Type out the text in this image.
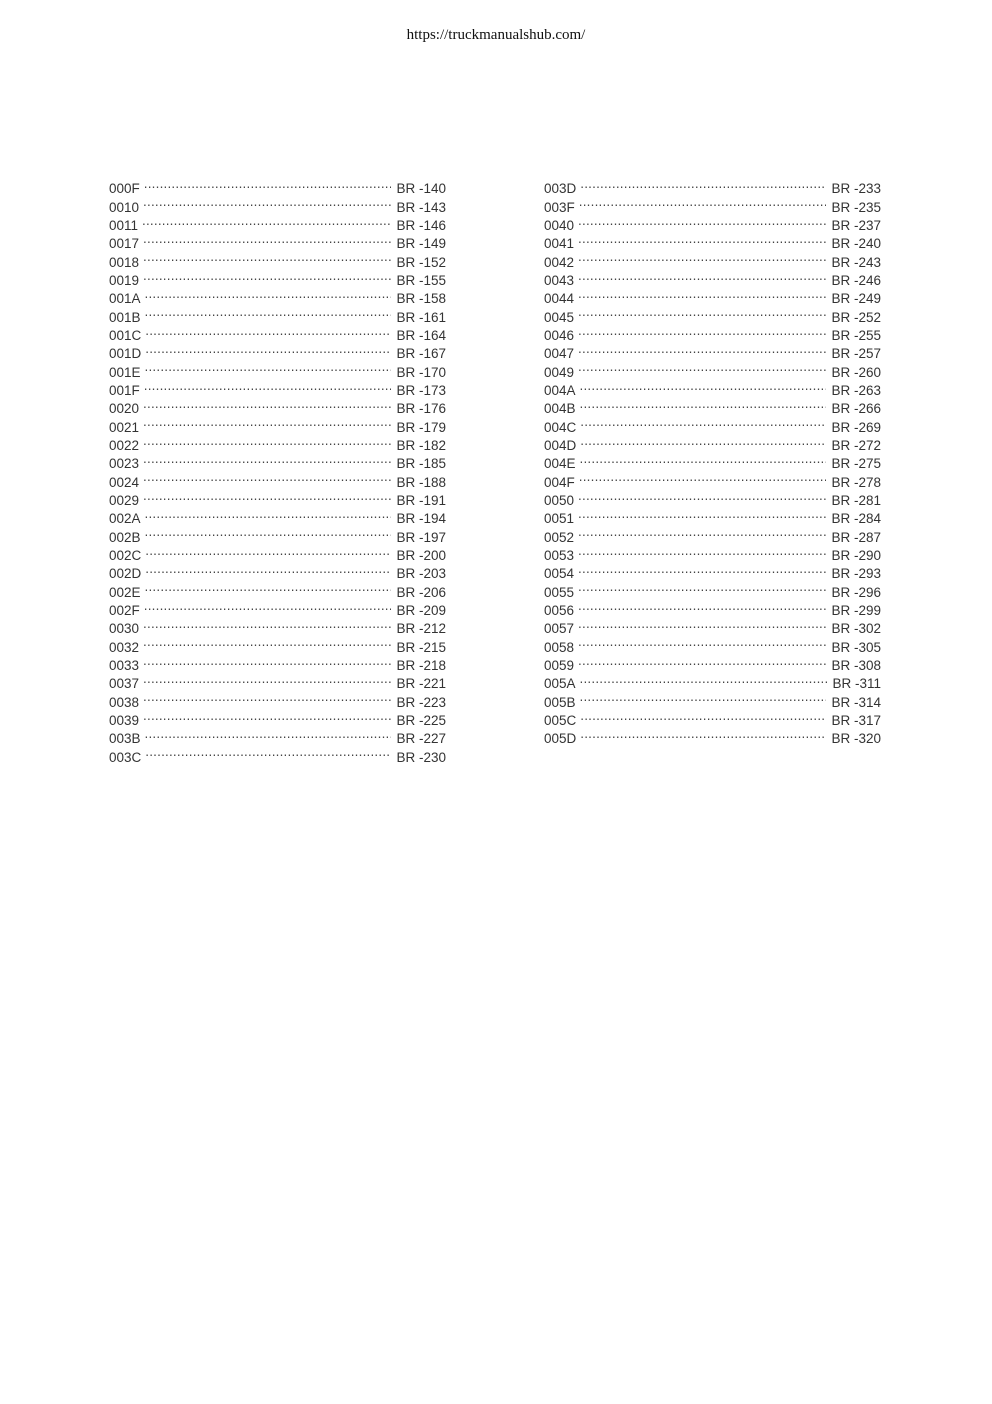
https://truckmanualshub.com/
000F .....	BR -140
0010 .....	BR -143
0011 .....	BR -146
0017 .....	BR -149
0018 .....	BR -152
0019 .....	BR -155
001A .....	BR -158
001B .....	BR -161
001C .....	BR -164
001D .....	BR -167
001E .....	BR -170
001F .....	BR -173
0020 .....	BR -176
0021 .....	BR -179
0022 .....	BR -182
0023 .....	BR -185
0024 .....	BR -188
0029 .....	BR -191
002A .....	BR -194
002B .....	BR -197
002C .....	BR -200
002D .....	BR -203
002E .....	BR -206
002F .....	BR -209
0030 .....	BR -212
0032 .....	BR -215
0033 .....	BR -218
0037 .....	BR -221
0038 .....	BR -223
0039 .....	BR -225
003B .....	BR -227
003C .....	BR -230
003D .....	BR -233
003F .....	BR -235
0040 .....	BR -237
0041 .....	BR -240
0042 .....	BR -243
0043 .....	BR -246
0044 .....	BR -249
0045 .....	BR -252
0046 .....	BR -255
0047 .....	BR -257
0049 .....	BR -260
004A .....	BR -263
004B .....	BR -266
004C .....	BR -269
004D .....	BR -272
004E .....	BR -275
004F .....	BR -278
0050 .....	BR -281
0051 .....	BR -284
0052 .....	BR -287
0053 .....	BR -290
0054 .....	BR -293
0055 .....	BR -296
0056 .....	BR -299
0057 .....	BR -302
0058 .....	BR -305
0059 .....	BR -308
005A .....	BR -311
005B .....	BR -314
005C .....	BR -317
005D .....	BR -320
